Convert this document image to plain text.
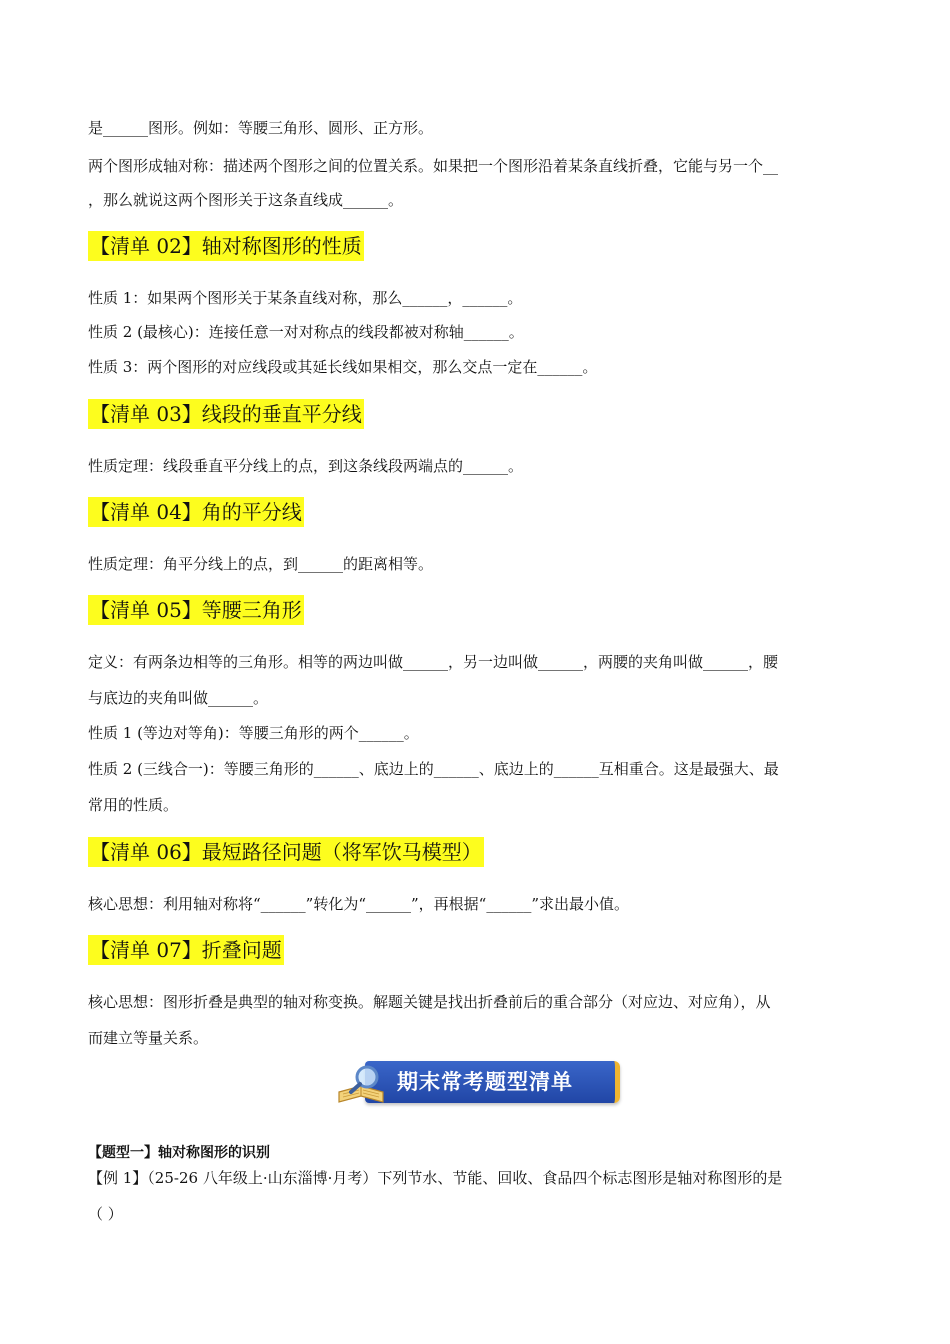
是______图形。例如：等腰三角形、圆形、正方形。
两个图形成轴对称：描述两个图形之间的位置关系。如果把一个图形沿着某条直线折叠，它能与另一个__
，那么就说这两个图形关于这条直线成______。
【清单 02】轴对称图形的性质
性质 1：如果两个图形关于某条直线对称，那么______，______。
性质 2 (最核心)：连接任意一对对称点的线段都被对称轴______。
性质 3：两个图形的对应线段或其延长线如果相交，那么交点一定在______。
【清单 03】线段的垂直平分线
性质定理：线段垂直平分线上的点，到这条线段两端点的______。
【清单 04】角的平分线
性质定理：角平分线上的点，到______的距离相等。
【清单 05】等腰三角形
定义：有两条边相等的三角形。相等的两边叫做______，另一边叫做______，两腰的夹角叫做______，腰
与底边的夹角叫做______。
性质 1 (等边对等角)：等腰三角形的两个______。
性质 2 (三线合一)：等腰三角形的______、底边上的______、底边上的______互相重合。这是最强大、最
常用的性质。
【清单 06】最短路径问题（将军饮马模型）
核心思想：利用轴对称将“______”转化为“______”，再根据“______”求出最小值。
【清单 07】折叠问题
核心思想：图形折叠是典型的轴对称变换。解题关键是找出折叠前后的重合部分（对应边、对应角），从
而建立等量关系。
期末常考题型清单
【题型一】轴对称图形的识别
【例 1】（25-26 八年级上·山东淄博·月考）下列节水、节能、回收、食品四个标志图形是轴对称图形的是
（ ）
